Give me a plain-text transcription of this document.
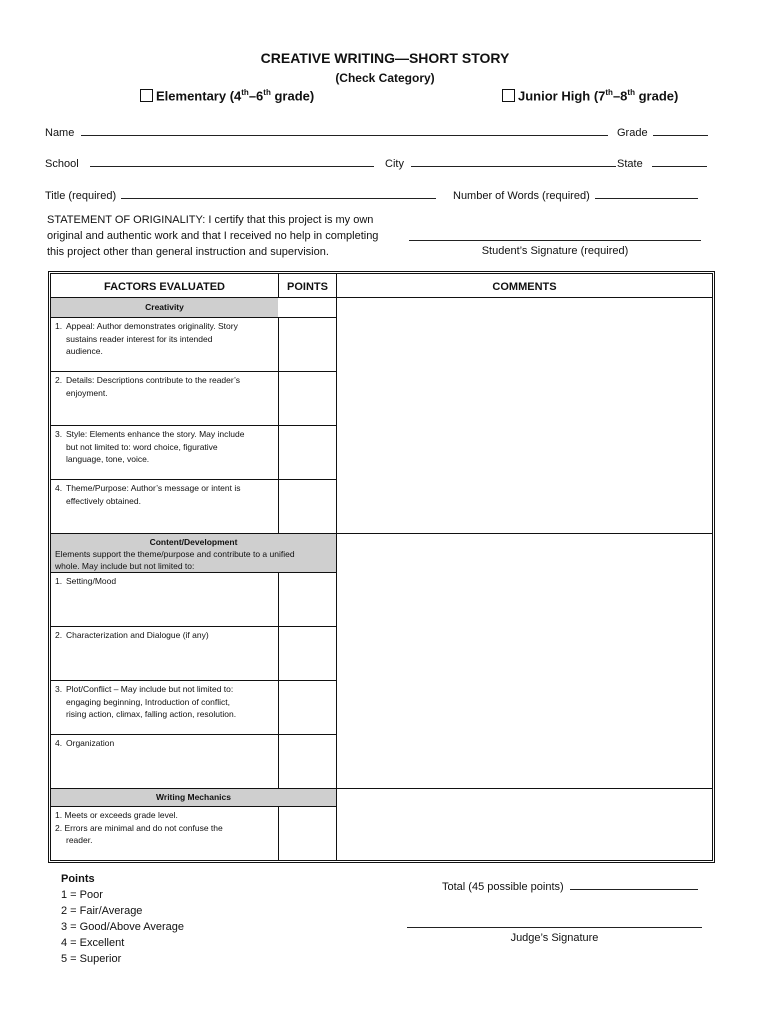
CREATIVE WRITING—SHORT STORY
(Check Category)
Elementary (4th–6th grade)	Junior High (7th–8th grade)
Name	Grade
School	City	State
Title (required)	Number of Words (required)
STATEMENT OF ORIGINALITY: I certify that this project is my own
original and authentic work and that I received no help in completing
this project other than general instruction and supervision.	Student’s Signature (required)
FACTORS EVALUATED	POINTS	COMMENTS
Creativity
1. Appeal: Author demonstrates originality. Story
sustains reader interest for its intended
audience.
2. Details: Descriptions contribute to the reader’s
enjoyment.
3. Style: Elements enhance the story. May include
but not limited to: word choice, figurative
language, tone, voice.
4. Theme/Purpose: Author’s message or intent is
effectively obtained.
Content/Development
Elements support the theme/purpose and contribute to a unified
whole. May include but not limited to:
1. Setting/Mood
2. Characterization and Dialogue (if any)
3. Plot/Conflict – May include but not limited to:
engaging beginning, Introduction of conflict,
rising action, climax, falling action, resolution.
4. Organization
Writing Mechanics
1. Meets or exceeds grade level.
2. Errors are minimal and do not confuse the
reader.
Points
1 = Poor
2 = Fair/Average
3 = Good/Above Average
4 = Excellent
5 = Superior
Total (45 possible points)
Judge’s Signature
